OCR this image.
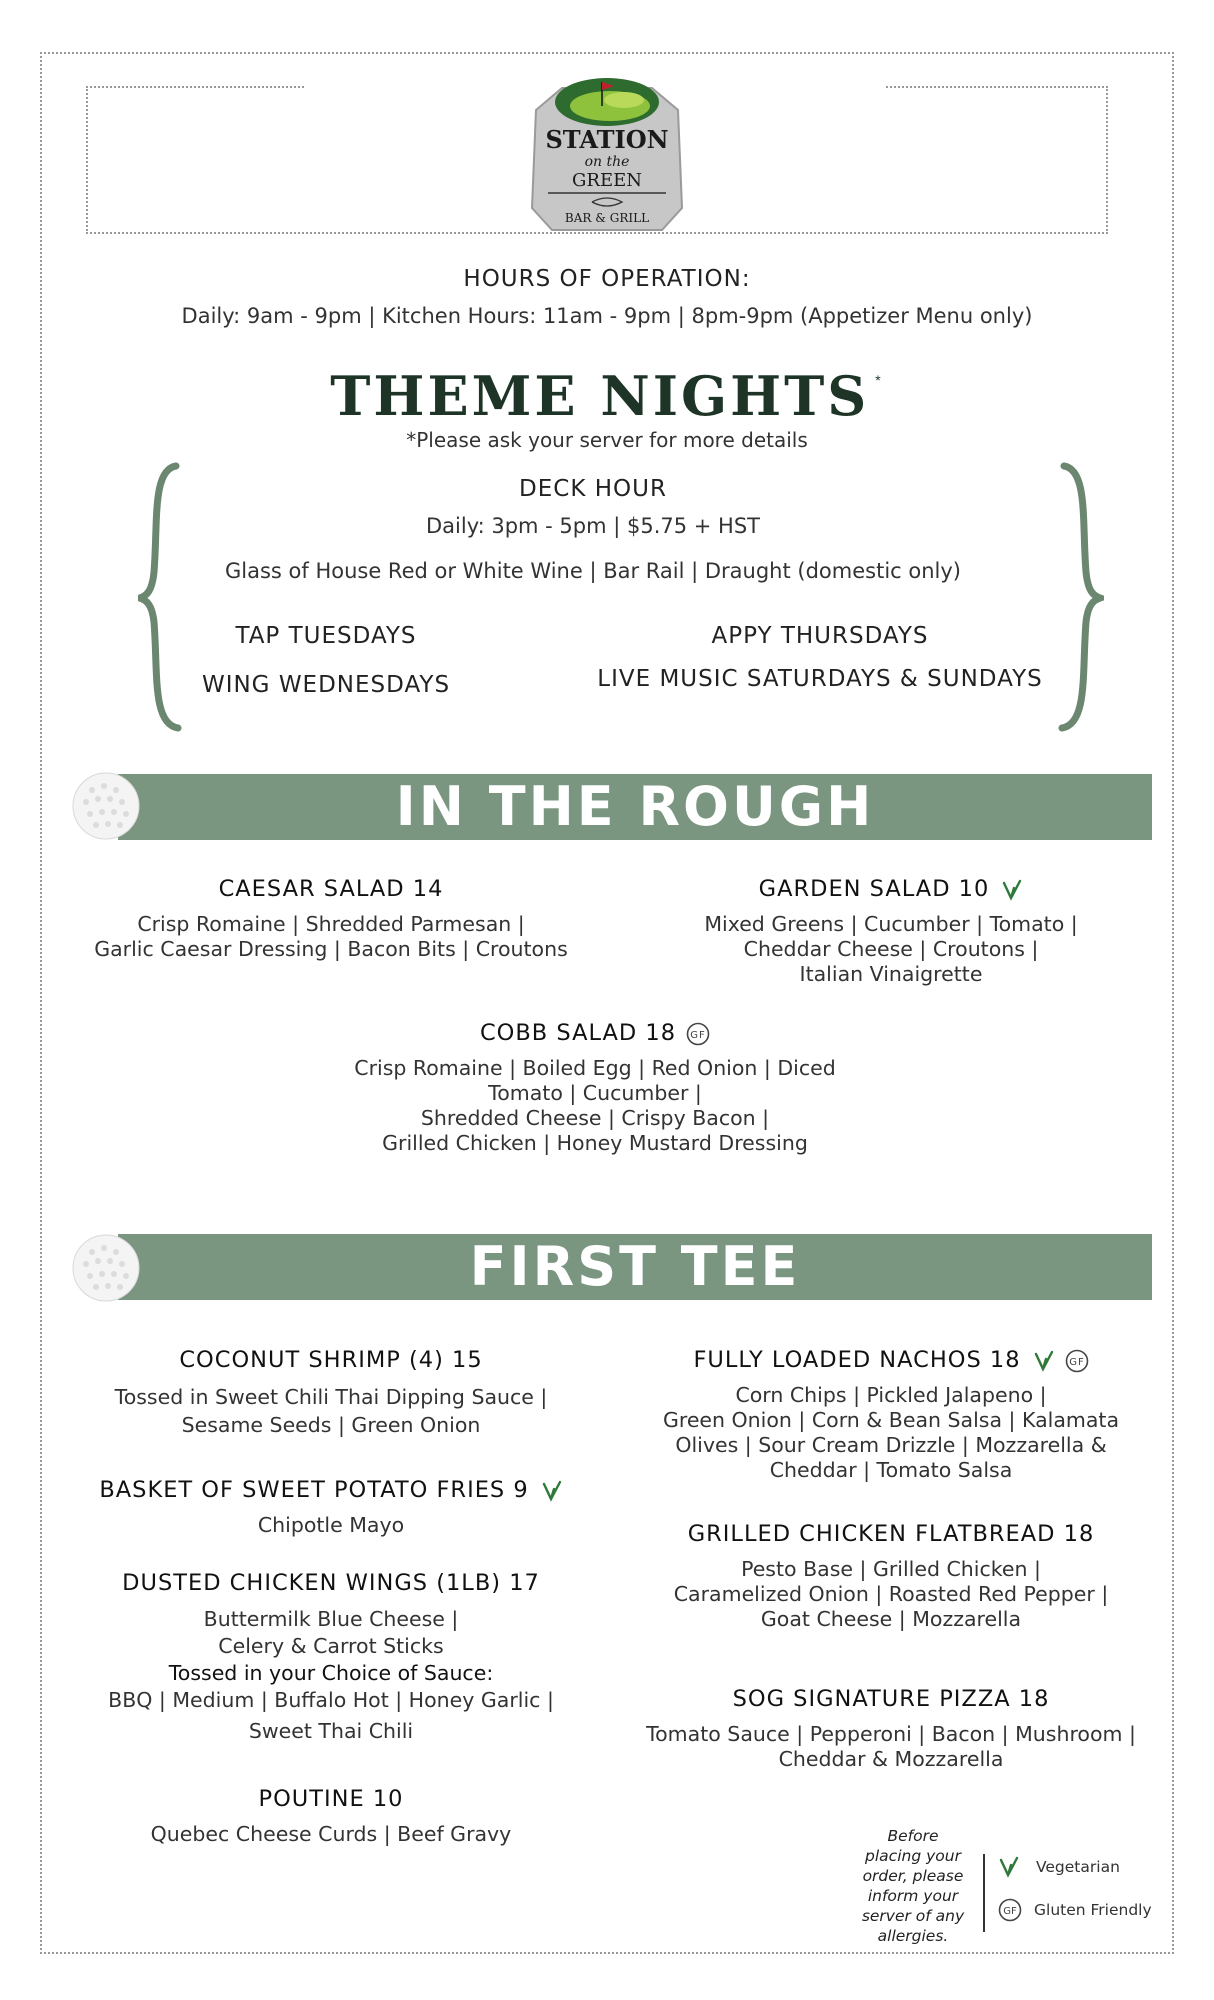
STATION
on the
GREEN
BAR & GRILL
HOURS OF OPERATION:
Daily: 9am - 9pm | Kitchen Hours: 11am - 9pm | 8pm-9pm (Appetizer Menu only)
THEME NIGHTS *
*Please ask your server for more details
DECK HOUR
Daily: 3pm - 5pm | $5.75 + HST
Glass of House Red or White Wine | Bar Rail | Draught (domestic only)
TAP TUESDAYS
WING WEDNESDAYS
APPY THURSDAYS
LIVE MUSIC SATURDAYS & SUNDAYS
IN THE ROUGH
CAESAR SALAD 14
Crisp Romaine | Shredded Parmesan |
Garlic Caesar Dressing | Bacon Bits | Croutons
GARDEN SALAD 10
Mixed Greens | Cucumber | Tomato |
Cheddar Cheese | Croutons |
Italian Vinaigrette
COBB SALAD 18 GF
Crisp Romaine | Boiled Egg | Red Onion | Diced
Tomato | Cucumber |
Shredded Cheese | Crispy Bacon |
Grilled Chicken | Honey Mustard Dressing
FIRST TEE
COCONUT SHRIMP (4) 15
Tossed in Sweet Chili Thai Dipping Sauce |
Sesame Seeds | Green Onion
BASKET OF SWEET POTATO FRIES 9
Chipotle Mayo
DUSTED CHICKEN WINGS (1LB) 17
Buttermilk Blue Cheese |
Celery & Carrot Sticks
Tossed in your Choice of Sauce:
BBQ | Medium | Buffalo Hot | Honey Garlic |
Sweet Thai Chili
POUTINE 10
Quebec Cheese Curds | Beef Gravy
FULLY LOADED NACHOS 18	GF
Corn Chips | Pickled Jalapeno |
Green Onion | Corn & Bean Salsa | Kalamata
Olives | Sour Cream Drizzle | Mozzarella &
Cheddar | Tomato Salsa
GRILLED CHICKEN FLATBREAD 18
Pesto Base | Grilled Chicken |
Caramelized Onion | Roasted Red Pepper |
Goat Cheese | Mozzarella
SOG SIGNATURE PIZZA 18
Tomato Sauce | Pepperoni | Bacon | Mushroom |
Cheddar & Mozzarella
Before
placing your
order, please
inform your
server of any
allergies.
Vegetarian
GF Gluten Friendly
